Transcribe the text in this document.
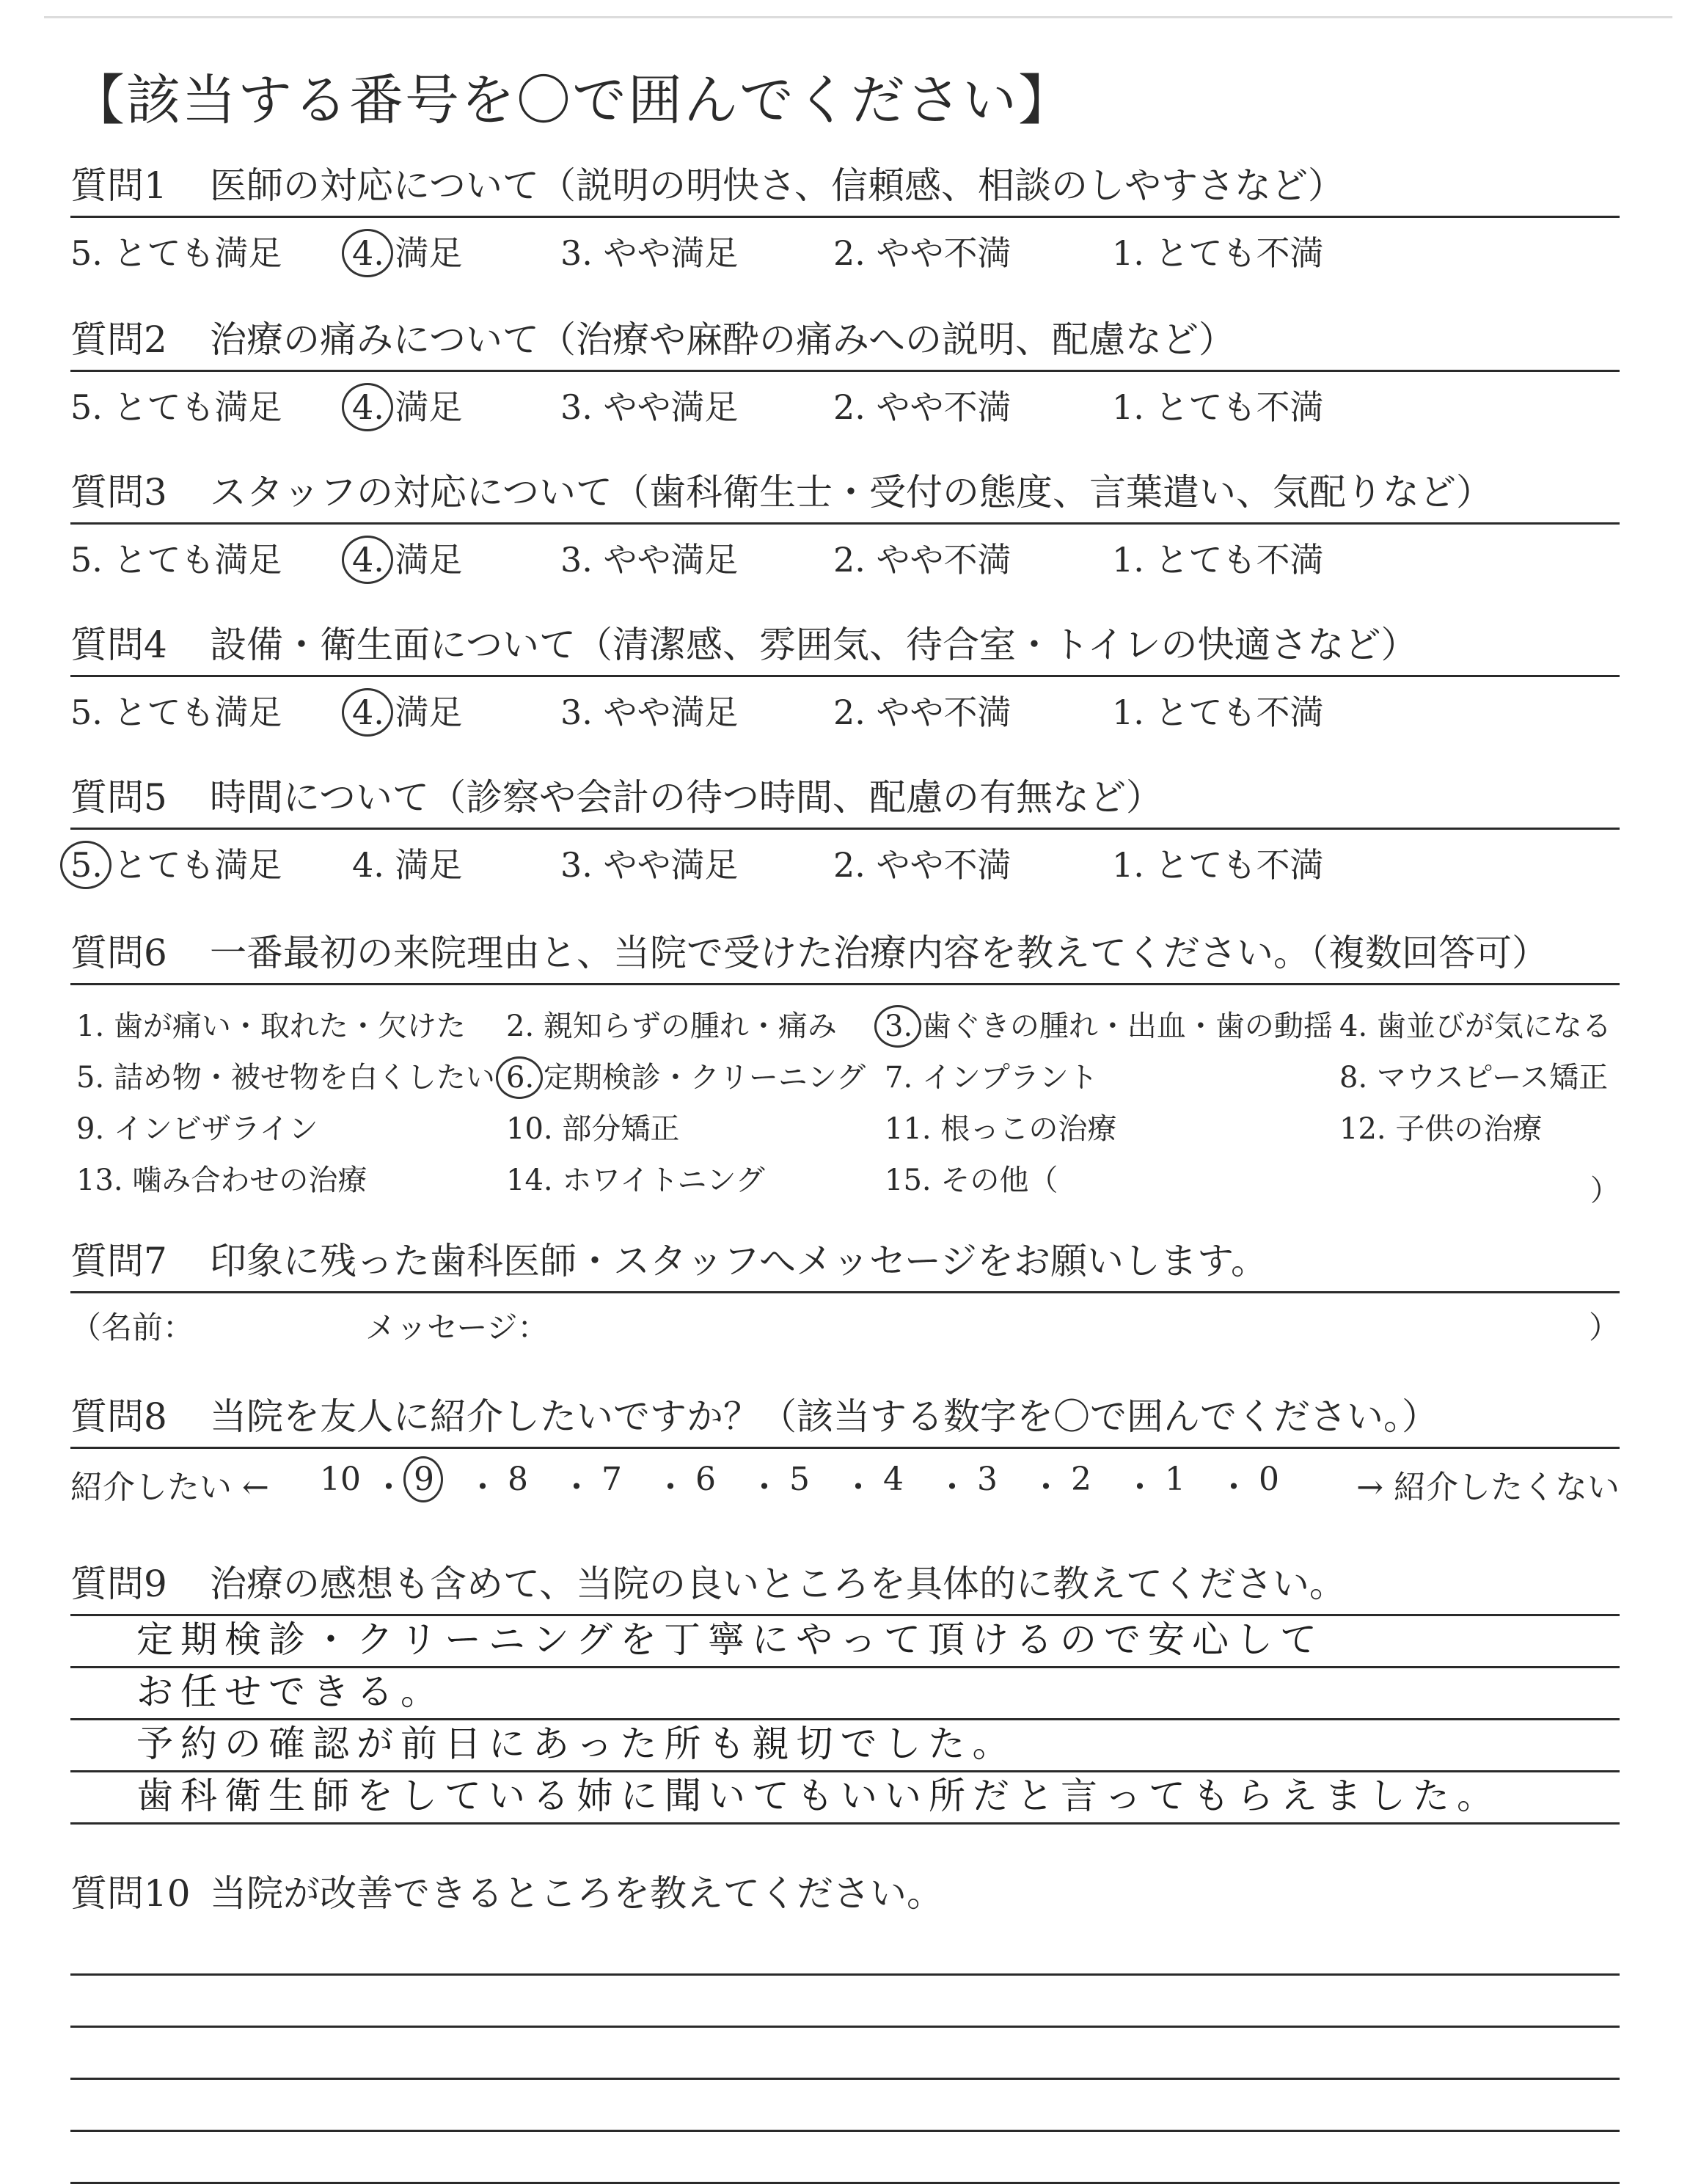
【該当する番号を〇で囲んでください】
質問1 医師の対応について（説明の明快さ、信頼感、相談のしやすさなど）
5. とても満足 4. 満足	3. やや満足	2. やや不満	1. とても不満
質問2 治療の痛みについて（治療や麻酔の痛みへの説明、配慮など）
5. とても満足 4. 満足	3. やや満足	2. やや不満	1. とても不満
質問3 スタッフの対応について（歯科衛生士・受付の態度、言葉遣い、気配りなど）
5. とても満足 4. 満足	3. やや満足	2. やや不満	1. とても不満
質問4 設備・衛生面について（清潔感、雰囲気、待合室・トイレの快適さなど）
5. とても満足 4. 満足	3. やや満足	2. やや不満	1. とても不満
質問5 時間について（診察や会計の待つ時間、配慮の有無など）
5. とても満足 4. 満足	3. やや満足	2. やや不満	1. とても不満
質問6 一番最初の来院理由と、当院で受けた治療内容を教えてください。（複数回答可）
）
1. 歯が痛い・取れた・欠けた 2. 親知らずの腫れ・痛み 3. 歯ぐきの腫れ・出血・歯の動揺 4. 歯並びが気になる
5. 詰め物・被せ物を白くしたい 6. 定期検診・クリーニング 7. インプラント	8. マウスピース矯正
9. インビザライン	10. 部分矯正	11. 根っこの治療	12. 子供の治療
13. 噛み合わせの治療	14. ホワイトニング	15. その他（
質問7 印象に残った歯科医師・スタッフへメッセージをお願いします。
（名前：	メッセージ：	）
質問8 当院を友人に紹介したいですか？（該当する数字を〇で囲んでください。）
紹介したい ←	→ 紹介したくない
10 ・ 9 ・ 8 ・ 7 ・ 6 ・ 5 ・ 4 ・ 3 ・ 2 ・ 1 ・ 0
質問9 治療の感想も含めて、当院の良いところを具体的に教えてください。
定期検診・クリーニングを丁寧にやって頂けるので安心して
お任せできる。
予約の確認が前日にあった所も親切でした。
歯科衛生師をしている姉に聞いてもいい所だと言ってもらえました。
質問10 当院が改善できるところを教えてください。
